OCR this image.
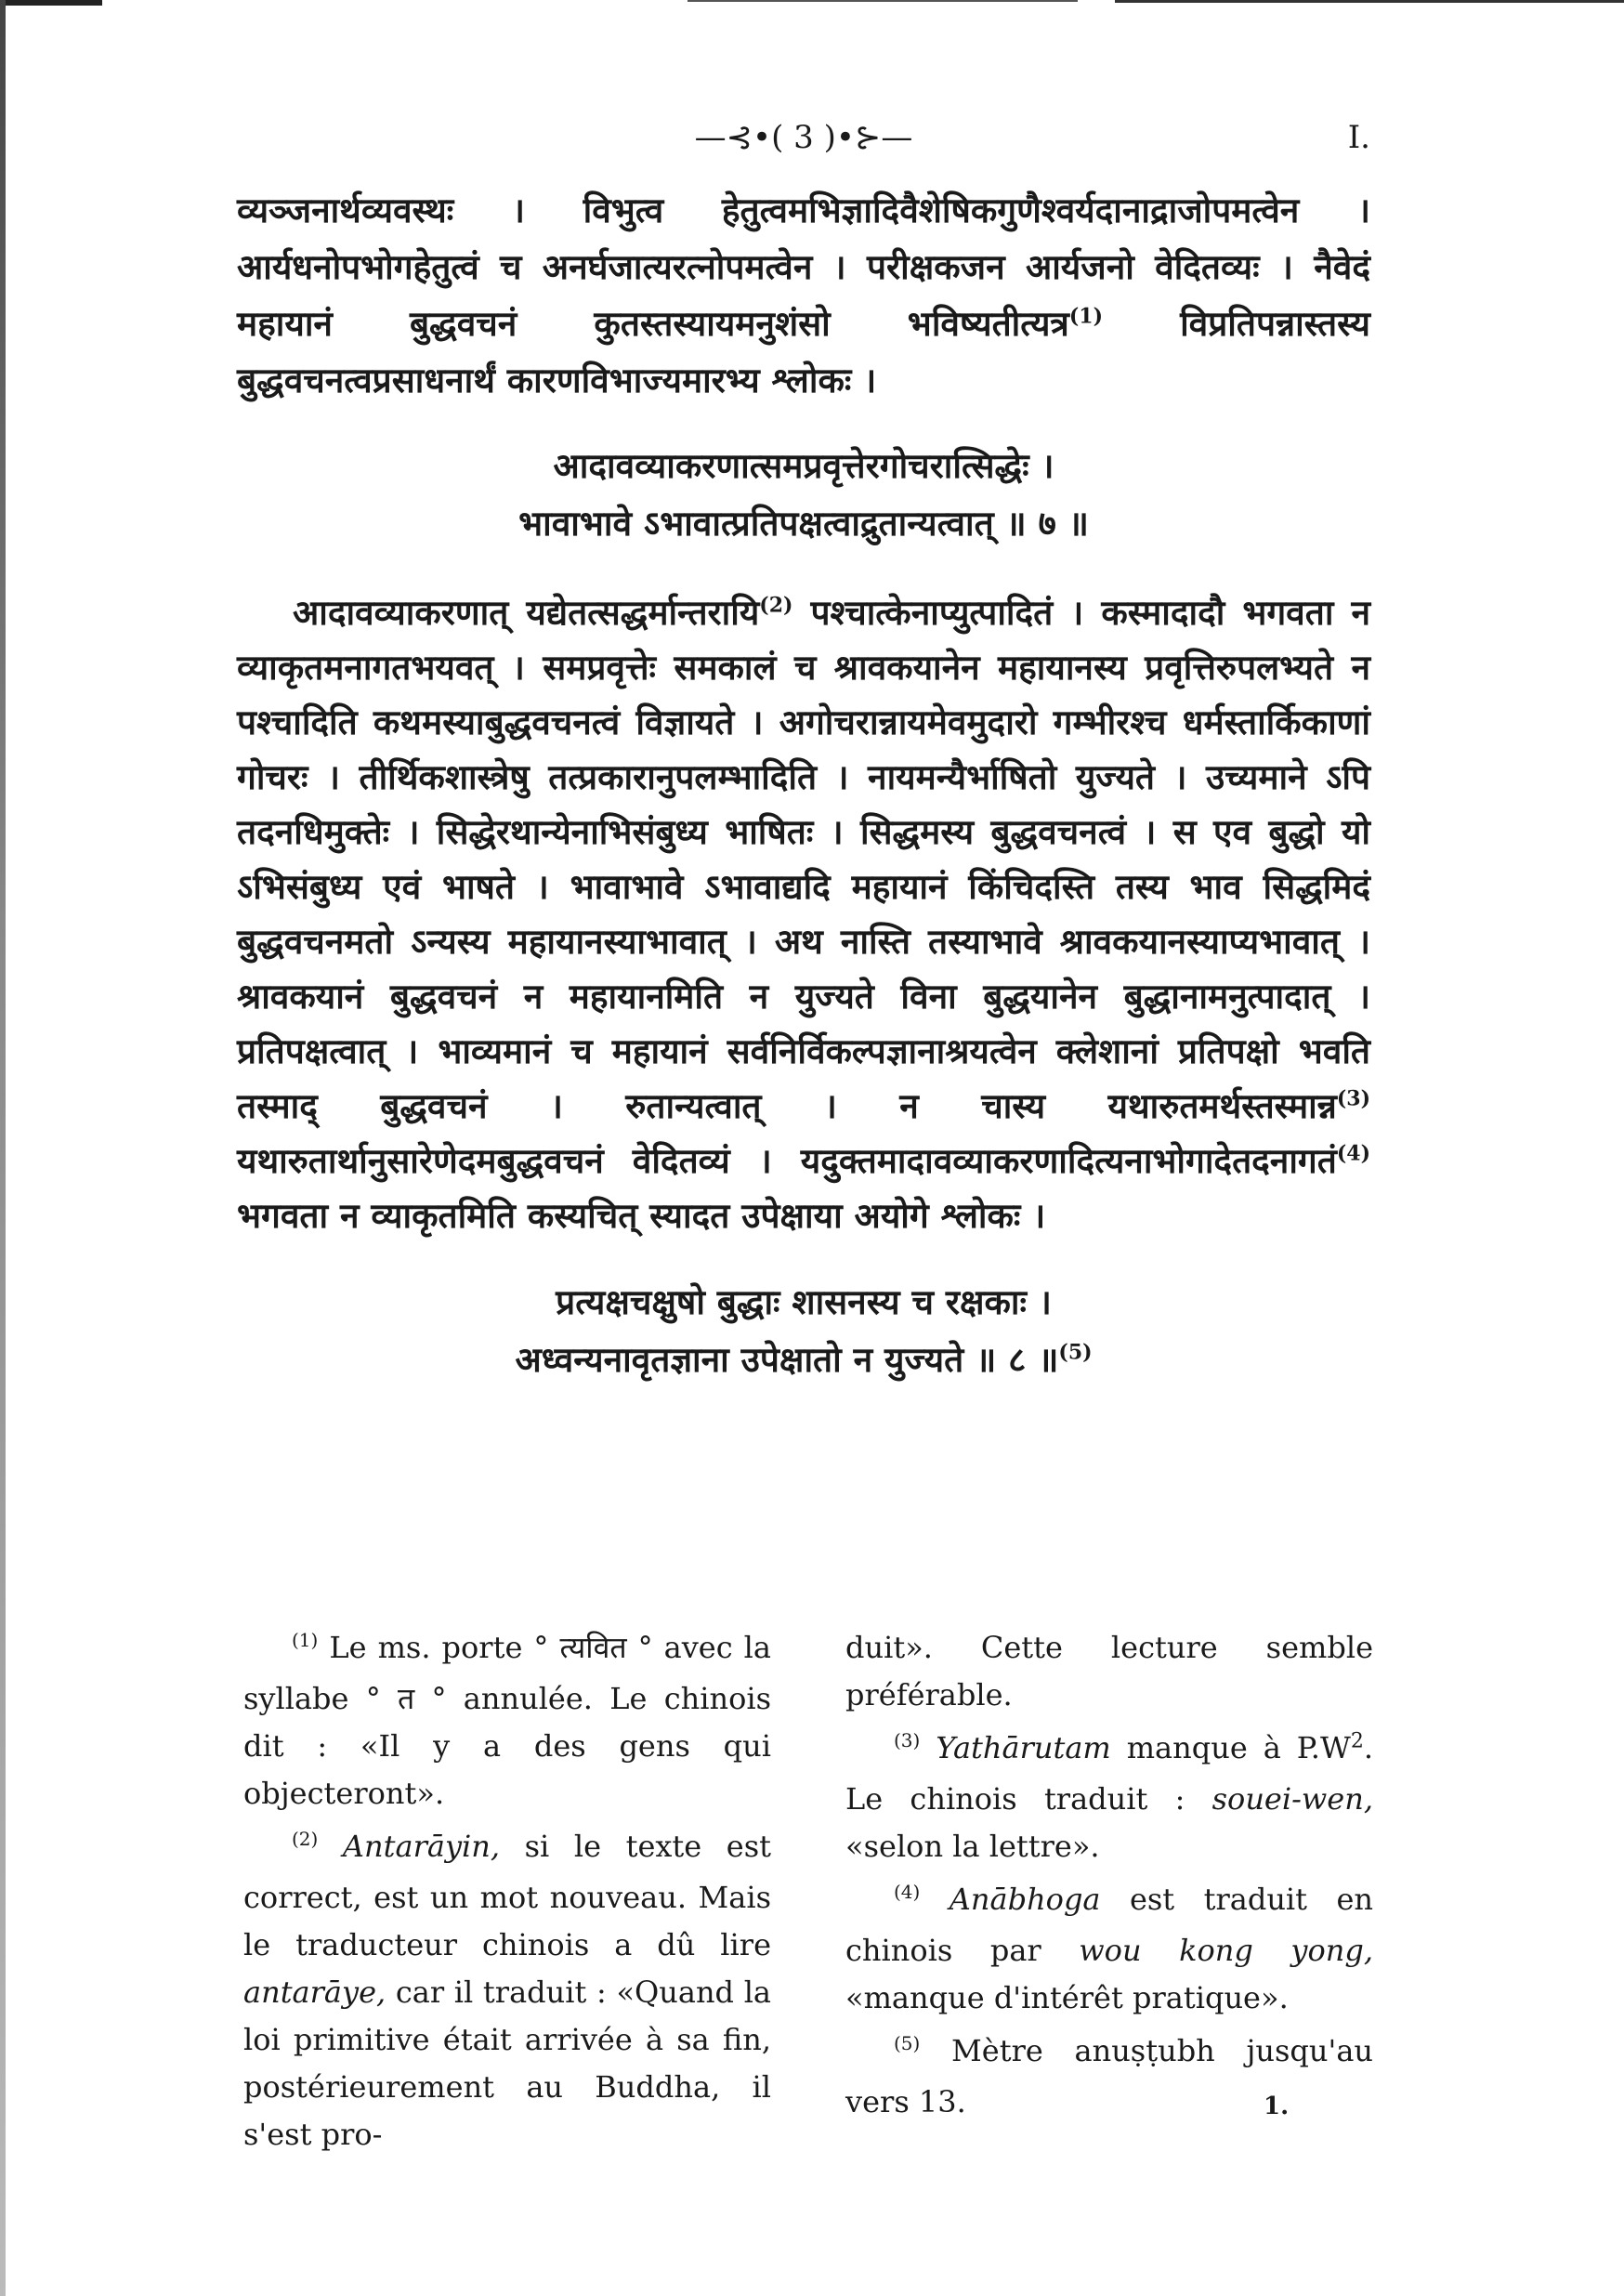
—⊰•( 3 )•⊱—	I.

व्यञ्जनार्थव्यवस्थः । विभुत्व हेतुत्वमभिज्ञादिवैशेषिकगुणैश्वर्यदानाद्राजोपमत्वेन । आर्यधनोपभोगहेतुत्वं च अनर्घजात्यरत्नोपमत्वेन । परीक्षकजन आर्यजनो वेदितव्यः । नैवेदं महायानं बुद्धवचनं कुतस्तस्यायमनुशंसो भविष्यतीत्यत्र$^{(1)}$ विप्रतिपन्नास्तस्य बुद्धवचनत्वप्रसाधनार्थं कारणविभाज्यमारभ्य श्लोकः ।

आदावव्याकरणात्समप्रवृत्तेरगोचरात्सिद्धेः ।
भावाभावे ऽभावात्प्रतिपक्षत्वाद्रुतान्यत्वात् ॥ ७ ॥

आदावव्याकरणात् यद्येतत्सद्धर्मान्तरायि$^{(2)}$ पश्चात्केनाप्युत्पादितं । कस्मादादौ भगवता न व्याकृतमनागतभयवत् । समप्रवृत्तेः समकालं च श्रावकयानेन महायानस्य प्रवृत्तिरुपलभ्यते न पश्चादिति कथमस्याबुद्धवचनत्वं विज्ञायते । अगोचरान्नायमेवमुदारो गम्भीरश्च धर्मस्तार्किकाणां गोचरः । तीर्थिकशास्त्रेषु तत्प्रकारानुपलम्भादिति । नायमन्यैर्भाषितो युज्यते । उच्यमाने ऽपि तदनधिमुक्तेः । सिद्धेरथान्येनाभिसंबुध्य भाषितः । सिद्धमस्य बुद्धवचनत्वं । स एव बुद्धो यो ऽभिसंबुध्य एवं भाषते । भावाभावे ऽभावाद्यदि महायानं किंचिदस्ति तस्य भाव सिद्धमिदं बुद्धवचनमतो ऽन्यस्य महायानस्याभावात् । अथ नास्ति तस्याभावे श्रावकयानस्याप्यभावात् । श्रावकयानं बुद्धवचनं न महायानमिति न युज्यते विना बुद्धयानेन बुद्धानामनुत्पादात् । प्रतिपक्षत्वात् । भाव्यमानं च महायानं सर्वनिर्विकल्पज्ञानाश्रयत्वेन क्लेशानां प्रतिपक्षो भवति तस्माद् बुद्धवचनं । रुतान्यत्वात् । न चास्य यथारुतमर्थस्तस्मान्न$^{(3)}$ यथारुतार्थानुसारेणेदमबुद्धवचनं वेदितव्यं । यदुक्तमादावव्याकरणादित्यनाभोगादेतदनागतं$^{(4)}$ भगवता न व्याकृतमिति कस्यचित् स्यादत उपेक्षाया अयोगे श्लोकः ।

प्रत्यक्षचक्षुषो बुद्धाः शासनस्य च रक्षकाः ।
अध्वन्यनावृतज्ञाना उपेक्षातो न युज्यते ॥ ८ ॥$^{(5)}$

$^{(1)}$ Le ms. porte ° त्यवित ° avec la syllabe ° त ° annulée. Le chinois dit : «Il y a des gens qui objecteront».

$^{(2)}$ Antarāyin, si le texte est correct, est un mot nouveau. Mais le traducteur chinois a dû lire antarāye, car il traduit : «Quand la loi primitive était arrivée à sa fin, postérieurement au Buddha, il s'est pro-

duit». Cette lecture semble préférable.

$^{(3)}$ Yathārutam manque à $P.W^2$. Le chinois traduit : souei-wen, «selon la lettre».

$^{(4)}$ Anābhoga est traduit en chinois par wou kong yong, «manque d'intérêt pratique».

$^{(5)}$ Mètre anuṣṭubh jusqu'au vers 13.	1.
